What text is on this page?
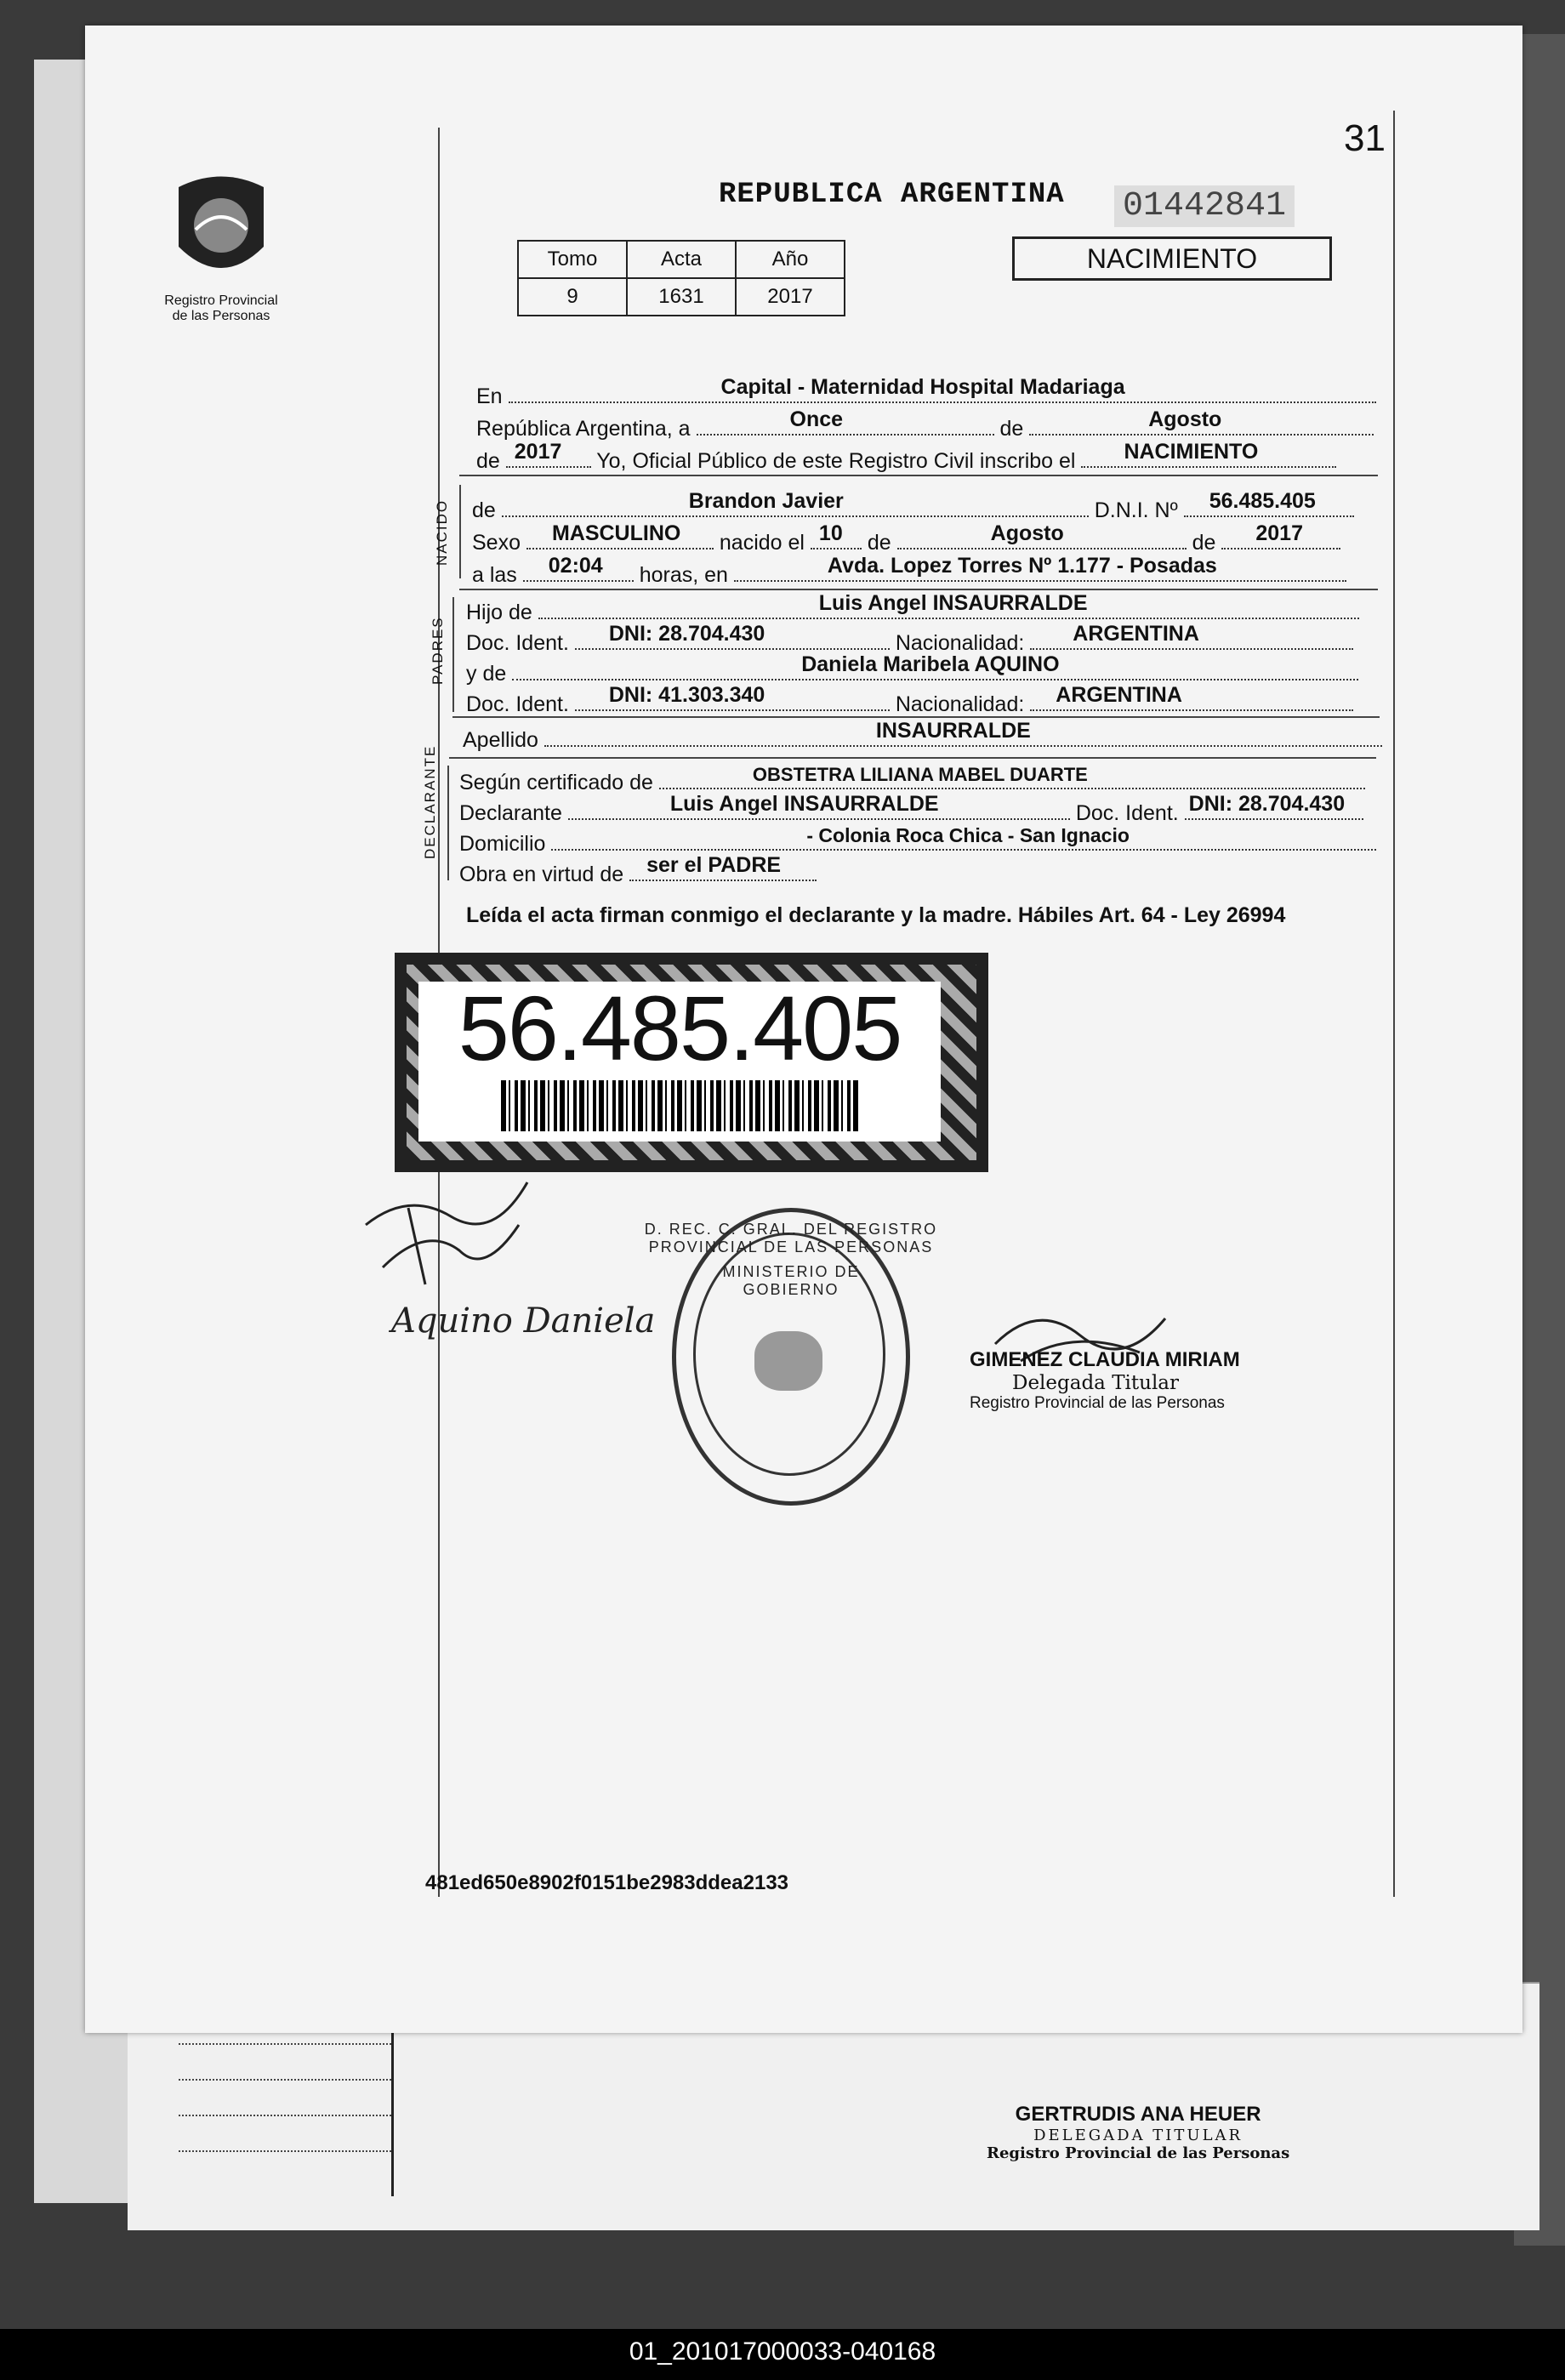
GERTRUDIS ANA HEUER
DELEGADA TITULAR
Registro Provincial de las Personas
31
Registro Provincial
de las Personas
REPUBLICA ARGENTINA 01442841
Tomo	Acta	Año
9	1631	2017
NACIMIENTO
En	Capital - Maternidad Hospital Madariaga
República Argentina, a	Once	de	Agosto
de 2017 Yo, Oficial Público de este Registro Civil inscribo el NACIMIENTO
NACIDO de	Brandon Javier	D.N.I. Nº 56.485.405
Sexo MASCULINO nacido el 10 de	Agosto	de 2017
a las 02:04 horas, en	Avda. Lopez Torres Nº 1.177 - Posadas
PADRES
Hijo de	Luis Angel INSAURRALDE
Doc. Ident. DNI: 28.704.430	Nacionalidad: ARGENTINA
y de	Daniela Maribela AQUINO
Doc. Ident. DNI: 41.303.340	Nacionalidad: ARGENTINA
Apellido	INSAURRALDE
DECLARANTE Según certificado de	OBSTETRA LILIANA MABEL DUARTE
Declarante	Luis Angel INSAURRALDE	Doc. Ident. DNI: 28.704.430
Domicilio	- Colonia Roca Chica - San Ignacio
Obra en virtud de ser el PADRE
Leída el acta firman conmigo el declarante y la madre. Hábiles Art. 64 - Ley 26994
56.485.405
Aquino Daniela
D. REC. C. GRAL. DEL REGISTRO PROVINCIAL DE LAS PERSONAS
MINISTERIO DE GOBIERNO
GIMENEZ CLAUDIA MIRIAM
Delegada Titular
Registro Provincial de las Personas
481ed650e8902f0151be2983ddea2133
01_201017000033-040168
